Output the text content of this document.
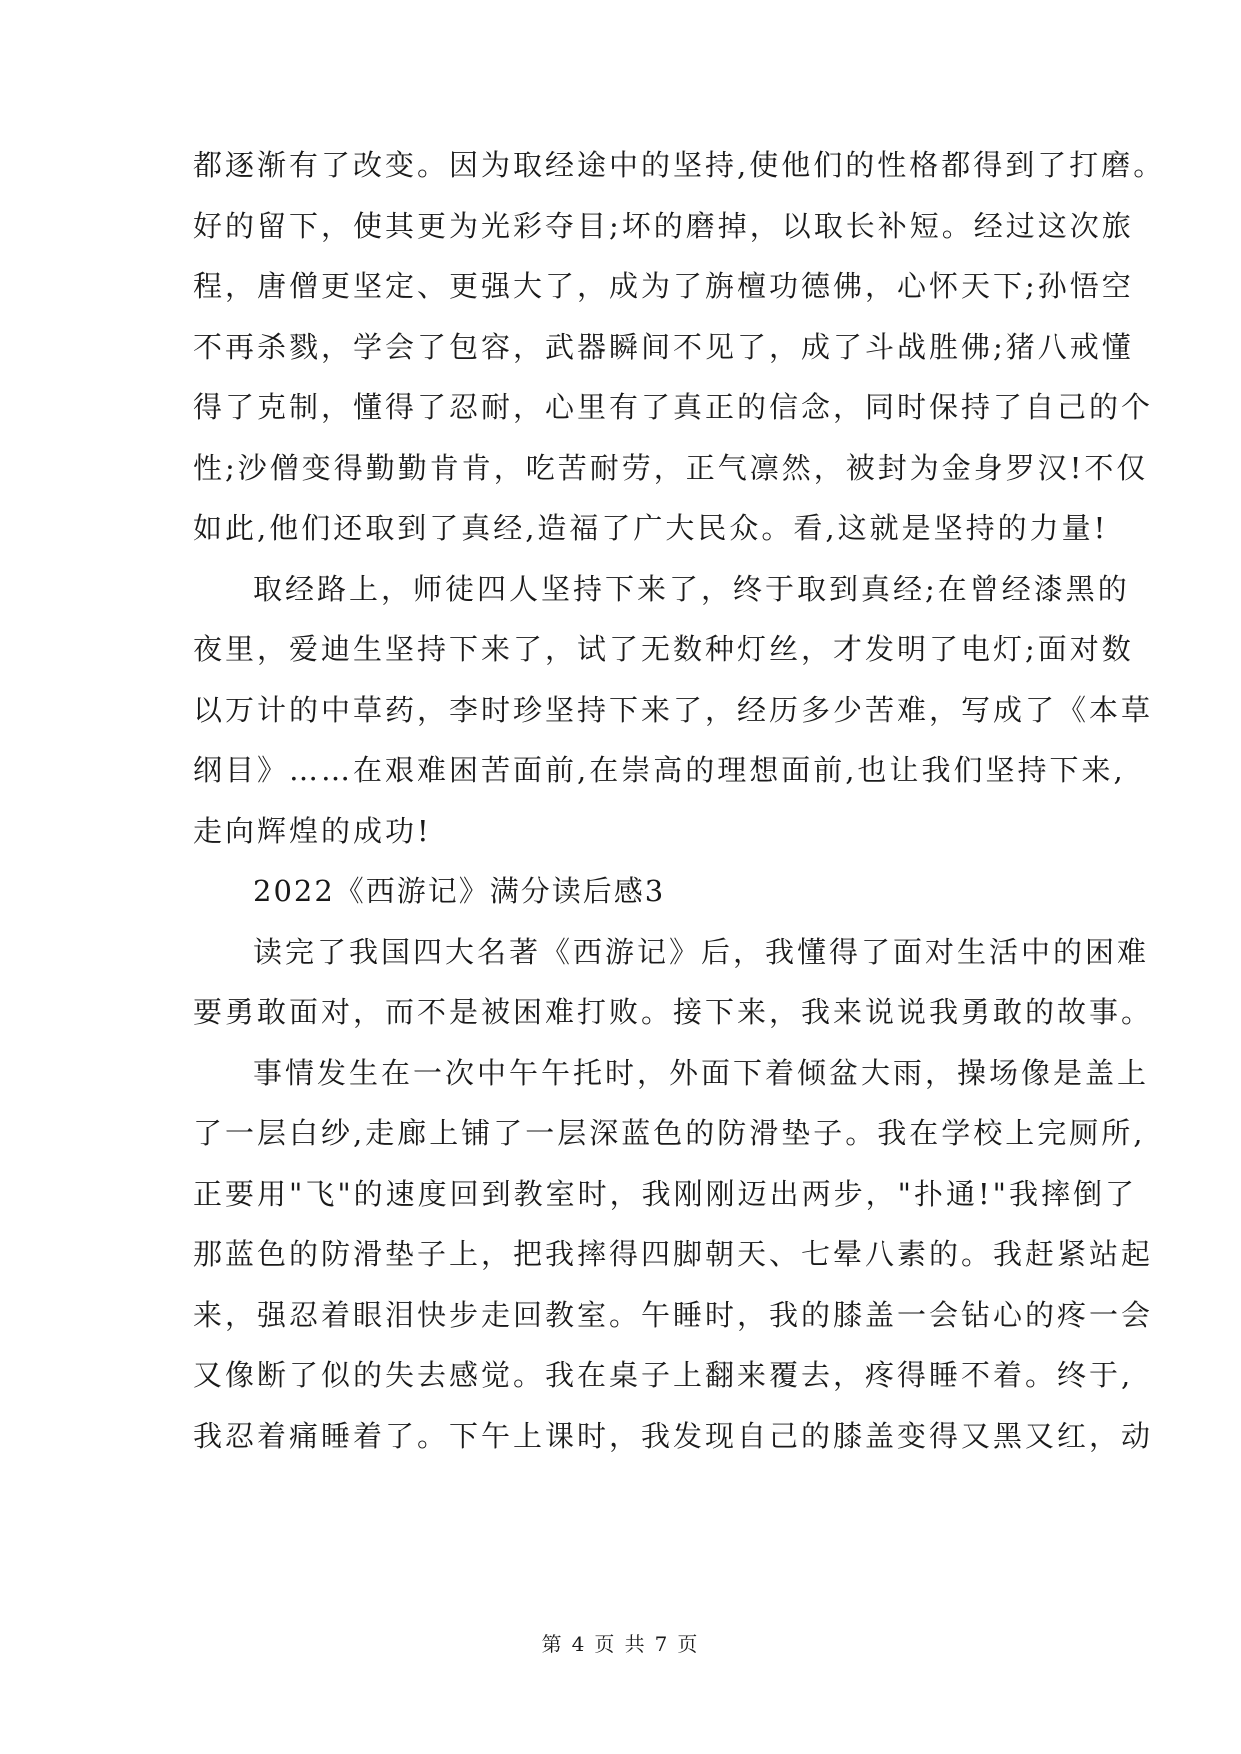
都逐渐有了改变。因为取经途中的坚持,使他们的性格都得到了打磨。
好的留下，使其更为光彩夺目;坏的磨掉，以取长补短。经过这次旅
程，唐僧更坚定、更强大了，成为了旃檀功德佛，心怀天下;孙悟空
不再杀戮，学会了包容，武器瞬间不见了，成了斗战胜佛;猪八戒懂
得了克制，懂得了忍耐，心里有了真正的信念，同时保持了自己的个
性;沙僧变得勤勤肯肯，吃苦耐劳，正气凛然，被封为金身罗汉!不仅
如此,他们还取到了真经,造福了广大民众。看,这就是坚持的力量!
取经路上，师徒四人坚持下来了，终于取到真经;在曾经漆黑的
夜里，爱迪生坚持下来了，试了无数种灯丝，才发明了电灯;面对数
以万计的中草药，李时珍坚持下来了，经历多少苦难，写成了《本草
纲目》……在艰难困苦面前,在崇高的理想面前,也让我们坚持下来,
走向辉煌的成功!
2022《西游记》满分读后感3
读完了我国四大名著《西游记》后，我懂得了面对生活中的困难
要勇敢面对，而不是被困难打败。接下来，我来说说我勇敢的故事。
事情发生在一次中午午托时，外面下着倾盆大雨，操场像是盖上
了一层白纱,走廊上铺了一层深蓝色的防滑垫子。我在学校上完厕所,
正要用"飞"的速度回到教室时，我刚刚迈出两步，"扑通!"我摔倒了
那蓝色的防滑垫子上，把我摔得四脚朝天、七晕八素的。我赶紧站起
来，强忍着眼泪快步走回教室。午睡时，我的膝盖一会钻心的疼一会
又像断了似的失去感觉。我在桌子上翻来覆去，疼得睡不着。终于,
我忍着痛睡着了。下午上课时，我发现自己的膝盖变得又黑又红，动
第 4 页 共 7 页
